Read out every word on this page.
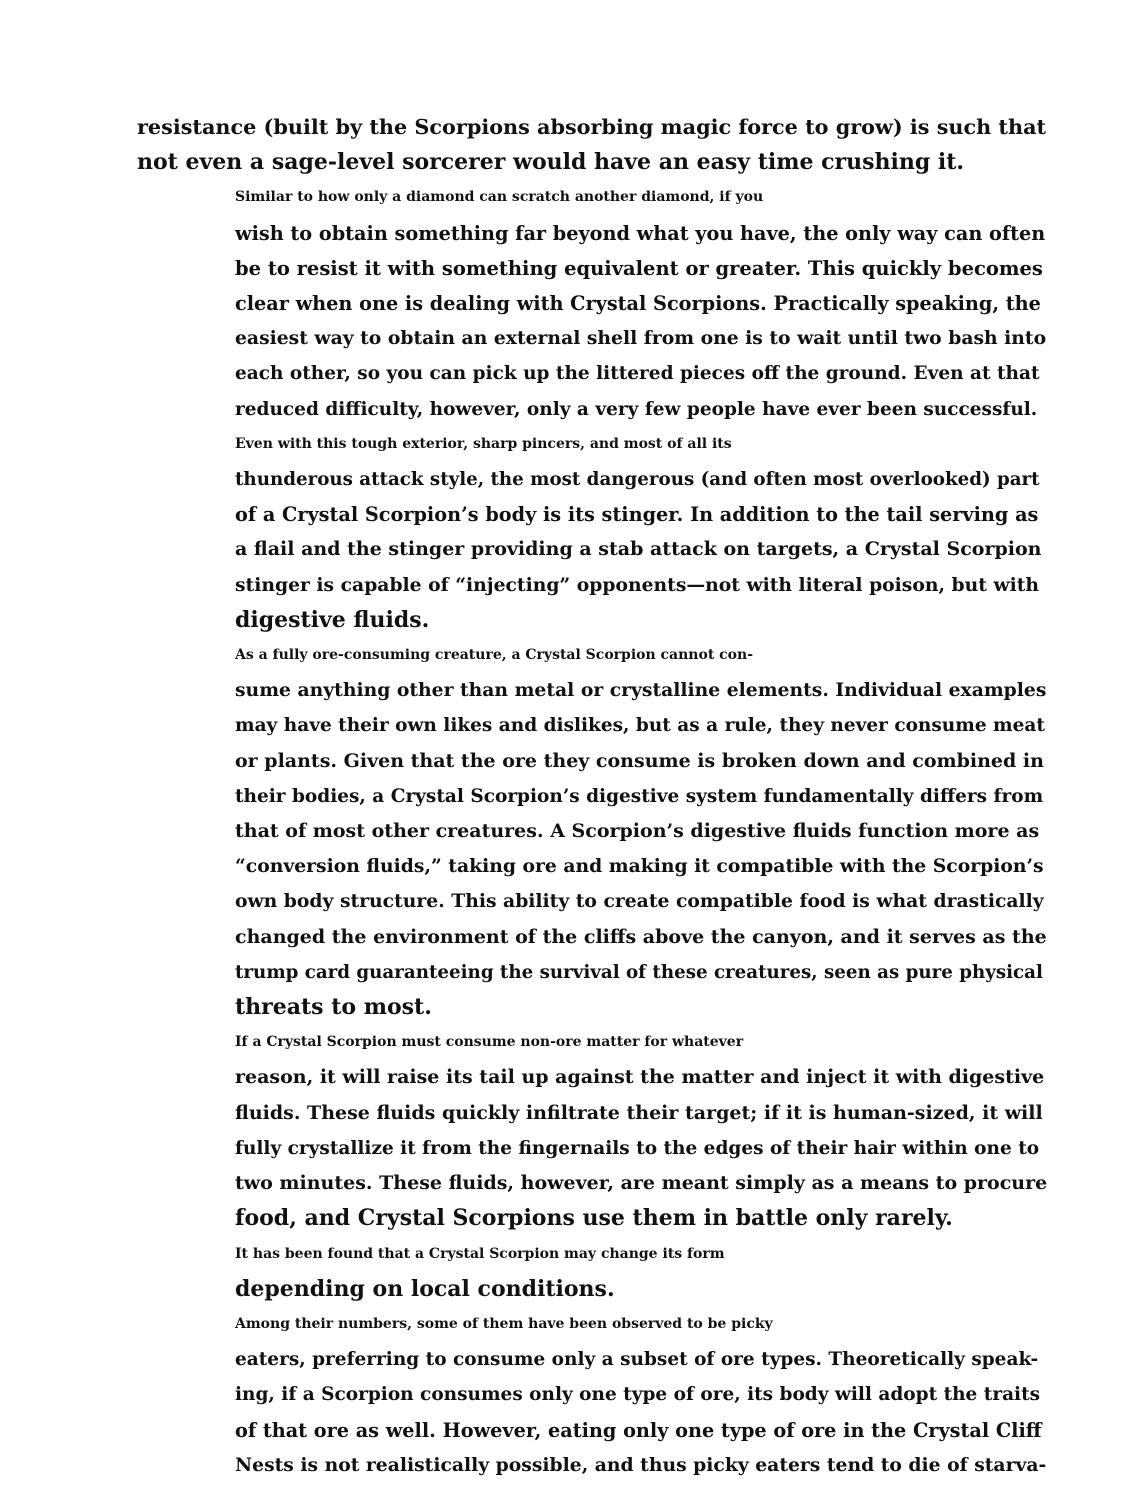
resistance (built by the Scorpions absorbing magic force to grow) is such that
not even a sage-level sorcerer would have an easy time crushing it.

Similar to how only a diamond can scratch another diamond, if you
wish to obtain something far beyond what you have, the only way can often
be to resist it with something equivalent or greater. This quickly becomes
clear when one is dealing with Crystal Scorpions. Practically speaking, the
easiest way to obtain an external shell from one is to wait until two bash into
each other, so you can pick up the littered pieces off the ground. Even at that
reduced difficulty, however, only a very few people have ever been successful.

Even with this tough exterior, sharp pincers, and most of all its
thunderous attack style, the most dangerous (and often most overlooked) part
of a Crystal Scorpion’s body is its stinger. In addition to the tail serving as
a flail and the stinger providing a stab attack on targets, a Crystal Scorpion
stinger is capable of “injecting” opponents—not with literal poison, but with
digestive fluids.

As a fully ore-consuming creature, a Crystal Scorpion cannot con-
sume anything other than metal or crystalline elements. Individual examples
may have their own likes and dislikes, but as a rule, they never consume meat
or plants. Given that the ore they consume is broken down and combined in
their bodies, a Crystal Scorpion’s digestive system fundamentally differs from
that of most other creatures. A Scorpion’s digestive fluids function more as
“conversion fluids,” taking ore and making it compatible with the Scorpion’s
own body structure. This ability to create compatible food is what drastically
changed the environment of the cliffs above the canyon, and it serves as the
trump card guaranteeing the survival of these creatures, seen as pure physical
threats to most.

If a Crystal Scorpion must consume non-ore matter for whatever
reason, it will raise its tail up against the matter and inject it with digestive
fluids. These fluids quickly infiltrate their target; if it is human-sized, it will
fully crystallize it from the fingernails to the edges of their hair within one to
two minutes. These fluids, however, are meant simply as a means to procure
food, and Crystal Scorpions use them in battle only rarely.

It has been found that a Crystal Scorpion may change its form
depending on local conditions.

Among their numbers, some of them have been observed to be picky
eaters, preferring to consume only a subset of ore types. Theoretically speak-
ing, if a Scorpion consumes only one type of ore, its body will adopt the traits
of that ore as well. However, eating only one type of ore in the Crystal Cliff
Nests is not realistically possible, and thus picky eaters tend to die of starva-
